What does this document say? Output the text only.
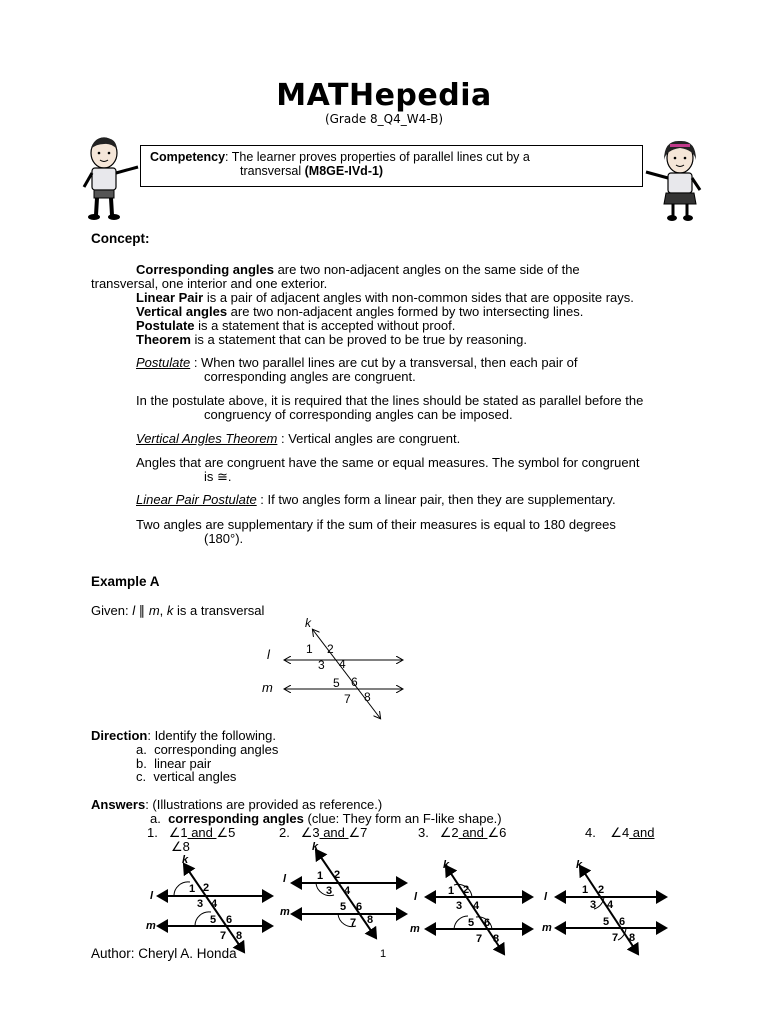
MATHepedia
(Grade 8_Q4_W4-B)
Competency: The learner proves properties of parallel lines cut by a
transversal (M8GE-IVd-1)
Concept:
Corresponding angles are two non-adjacent angles on the same side of the
transversal, one interior and one exterior.
Linear Pair is a pair of adjacent angles with non-common sides that are opposite rays.
Vertical angles are two non-adjacent angles formed by two intersecting lines.
Postulate is a statement that is accepted without proof.
Theorem is a statement that can be proved to be true by reasoning.
Postulate : When two parallel lines are cut by a transversal, then each pair of
corresponding angles are congruent.
In the postulate above, it is required that the lines should be stated as parallel before the
congruency of corresponding angles can be imposed.
Vertical Angles Theorem : Vertical angles are congruent.
Angles that are congruent have the same or equal measures. The symbol for congruent
is ≅.
Linear Pair Postulate : If two angles form a linear pair, then they are supplementary.
Two angles are supplementary if the sum of their measures is equal to 180 degrees
(180°).
Example A
Given: l ∥ m, k is a transversal
k
l
m
1 2
3 4
5 6
7 8
Direction: Identify the following.
a.  corresponding angles
b.  linear pair
c.  vertical angles
Answers: (Illustrations are provided as reference.)
a.  corresponding angles (clue: They form an F-like shape.)
1. ∠1 and ∠5	2. ∠3 and ∠7	3. ∠2 and ∠6	4. ∠4 and
∠8
k
l
m
1 2
3 4
5 6
7 8
k
l
m
1 2
3 4
5 6
7 8
k
l
m
1 2
3 4
5 6
7 8
k
l
m
1 2
3 4
5 6
7 8
Author: Cheryl A. Honda	1
